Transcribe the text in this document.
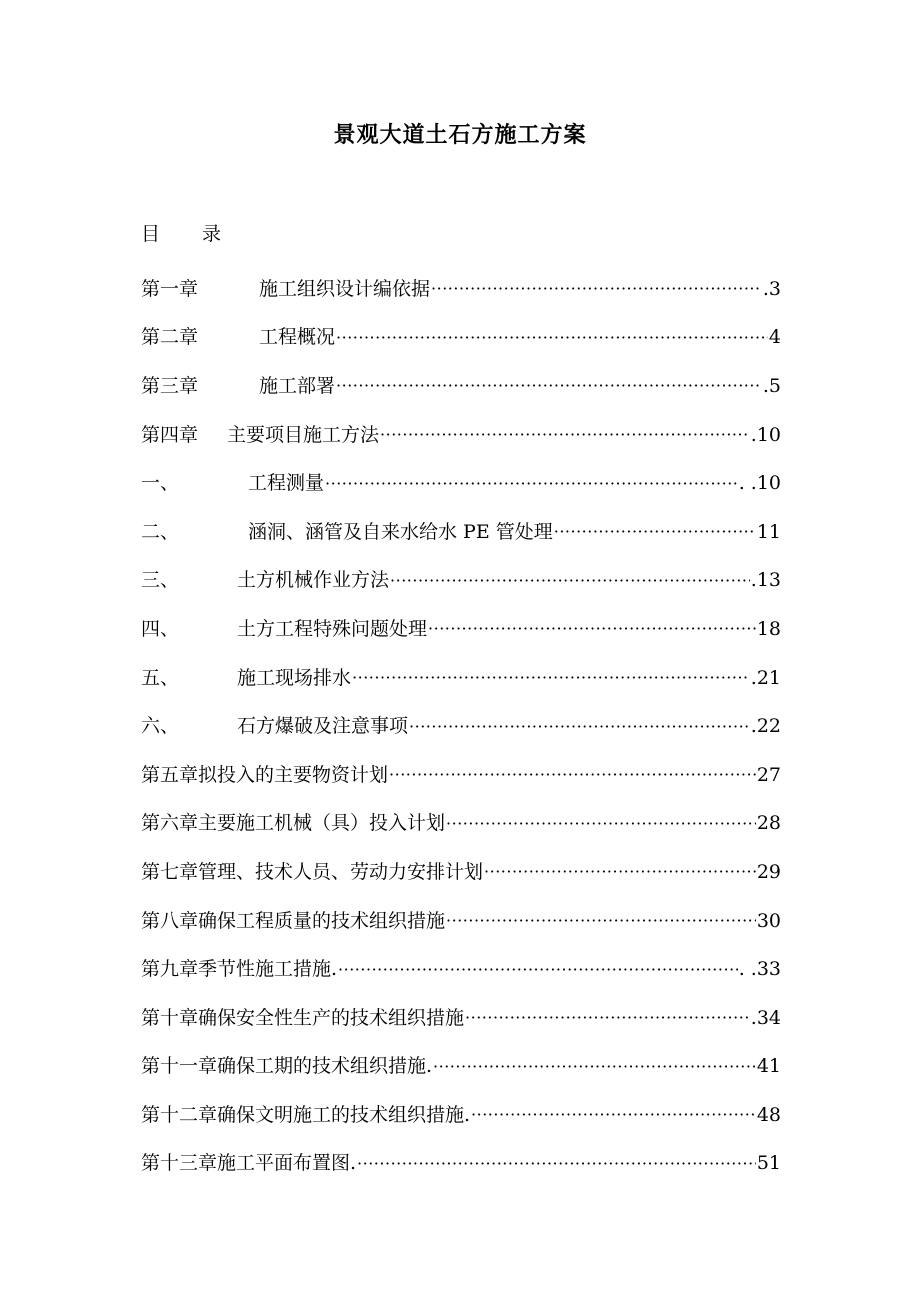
景观大道土石方施工方案
目 录
第一章	施工组织设计编依据 ·····	.3
第二章	工程概况 ·····	4
第三章	施工部署 ·····	.5
第四章	主要项目施工方法 ·····	.10
一、	工程测量 ·····	. .10
二、	涵洞、涵管及自来水给水 PE 管处理 ·····	11
三、	土方机械作业方法 ·····	.13
四、	土方工程特殊问题处理 ·····	18
五、	施工现场排水 ·····	.21
六、	石方爆破及注意事项 ·····	.22
第五章拟投入的主要物资计划 ·····	27
第六章主要施工机械（具）投入计划 ·····	28
第七章管理、技术人员、劳动力安排计划 ·····	29
第八章确保工程质量的技术组织措施 ·····	30
第九章季节性施工措施. ·····	. .33
第十章确保安全性生产的技术组织措施 ·····	.34
第十一章确保工期的技术组织措施. ·····	41
第十二章确保文明施工的技术组织措施. ·····	48
第十三章施工平面布置图. ·····	51
